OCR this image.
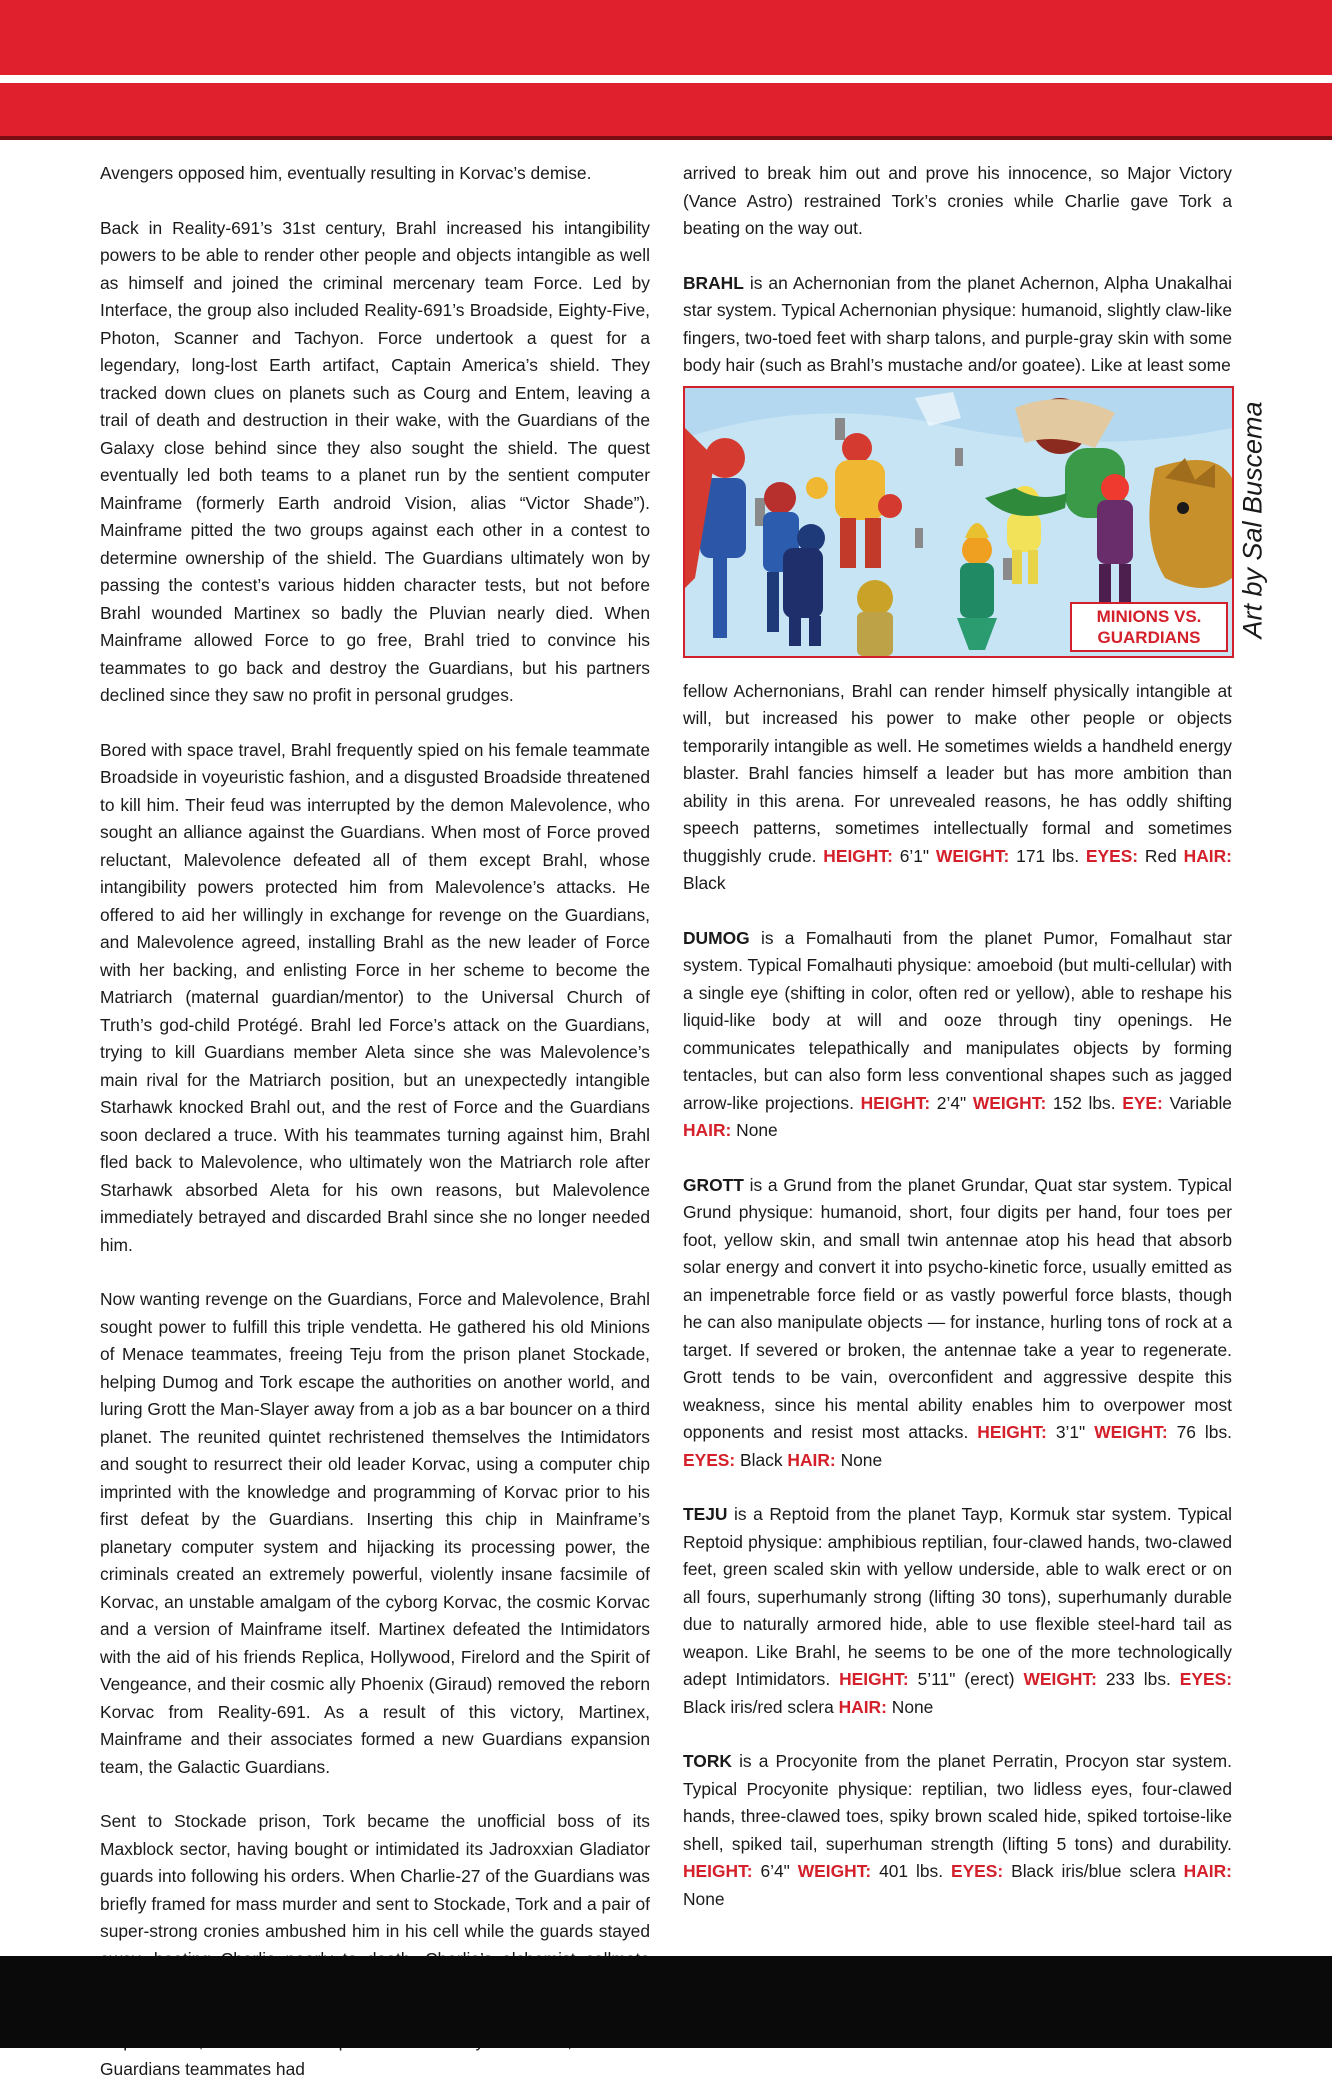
Avengers opposed him, eventually resulting in Korvac’s demise.

Back in Reality-691’s 31st century, Brahl increased his intangibility powers to be able to render other people and objects intangible as well as himself and joined the criminal mercenary team Force. Led by Interface, the group also included Reality-691’s Broadside, Eighty-Five, Photon, Scanner and Tachyon. Force undertook a quest for a legendary, long-lost Earth artifact, Captain America’s shield. They tracked down clues on planets such as Courg and Entem, leaving a trail of death and destruction in their wake, with the Guardians of the Galaxy close behind since they also sought the shield. The quest eventually led both teams to a planet run by the sentient computer Mainframe (formerly Earth android Vision, alias “Victor Shade”). Mainframe pitted the two groups against each other in a contest to determine ownership of the shield. The Guardians ultimately won by passing the contest’s various hidden character tests, but not before Brahl wounded Martinex so badly the Pluvian nearly died. When Mainframe allowed Force to go free, Brahl tried to convince his teammates to go back and destroy the Guardians, but his partners declined since they saw no profit in personal grudges.

Bored with space travel, Brahl frequently spied on his female teammate Broadside in voyeuristic fashion, and a disgusted Broadside threatened to kill him. Their feud was interrupted by the demon Malevolence, who sought an alliance against the Guardians. When most of Force proved reluctant, Malevolence defeated all of them except Brahl, whose intangibility powers protected him from Malevolence’s attacks. He offered to aid her willingly in exchange for revenge on the Guardians, and Malevolence agreed, installing Brahl as the new leader of Force with her backing, and enlisting Force in her scheme to become the Matriarch (maternal guardian/mentor) to the Universal Church of Truth’s god-child Protégé. Brahl led Force’s attack on the Guardians, trying to kill Guardians member Aleta since she was Malevolence’s main rival for the Matriarch position, but an unexpectedly intangible Starhawk knocked Brahl out, and the rest of Force and the Guardians soon declared a truce. With his teammates turning against him, Brahl fled back to Malevolence, who ultimately won the Matriarch role after Starhawk absorbed Aleta for his own reasons, but Malevolence immediately betrayed and discarded Brahl since she no longer needed him.

Now wanting revenge on the Guardians, Force and Malevolence, Brahl sought power to fulfill this triple vendetta. He gathered his old Minions of Menace teammates, freeing Teju from the prison planet Stockade, helping Dumog and Tork escape the authorities on another world, and luring Grott the Man-Slayer away from a job as a bar bouncer on a third planet. The reunited quintet rechristened themselves the Intimidators and sought to resurrect their old leader Korvac, using a computer chip imprinted with the knowledge and programming of Korvac prior to his first defeat by the Guardians. Inserting this chip in Mainframe’s planetary computer system and hijacking its processing power, the criminals created an extremely powerful, violently insane facsimile of Korvac, an unstable amalgam of the cyborg Korvac, the cosmic Korvac and a version of Mainframe itself. Martinex defeated the Intimidators with the aid of his friends Replica, Hollywood, Firelord and the Spirit of Vengeance, and their cosmic ally Phoenix (Giraud) removed the reborn Korvac from Reality-691. As a result of this victory, Martinex, Mainframe and their associates formed a new Guardians expansion team, the Galactic Guardians.

Sent to Stockade prison, Tork became the unofficial boss of its Maxblock sector, having bought or intimidated its Jadroxxian Gladiator guards into following his orders. When Charlie-27 of the Guardians was briefly framed for mass murder and sent to Stockade, Tork and a pair of super-strong cronies ambushed him in his cell while the guards stayed Guardians teammates had

arrived to break him out and prove his innocence, so Major Victory (Vance Astro) restrained Tork’s cronies while Charlie gave Tork a beating on the way out.

BRAHL is an Achernonian from the planet Achernon, Alpha Unakalhai star system. Typical Achernonian physique: humanoid, slightly claw-like fingers, two-toed feet with sharp talons, and purple-gray skin with some body hair (such as Brahl’s mustache and/or goatee). Like at least some

MINIONS VS. GUARDIANS	Art by Sal Buscema

fellow Achernonians, Brahl can render himself physically intangible at will, but increased his power to make other people or objects temporarily intangible as well. He sometimes wields a handheld energy blaster. Brahl fancies himself a leader but has more ambition than ability in this arena. For unrevealed reasons, he has oddly shifting speech patterns, sometimes intellectually formal and sometimes thuggishly crude. HEIGHT: 6’1" WEIGHT: 171 lbs. EYES: Red HAIR: Black

DUMOG is a Fomalhauti from the planet Pumor, Fomalhaut star system. Typical Fomalhauti physique: amoeboid (but multi-cellular) with a single eye (shifting in color, often red or yellow), able to reshape his liquid-like body at will and ooze through tiny openings. He communicates telepathically and manipulates objects by forming tentacles, but can also form less conventional shapes such as jagged arrow-like projections. HEIGHT: 2’4" WEIGHT: 152 lbs. EYE: Variable HAIR: None

GROTT is a Grund from the planet Grundar, Quat star system. Typical Grund physique: humanoid, short, four digits per hand, four toes per foot, yellow skin, and small twin antennae atop his head that absorb solar energy and convert it into psycho-kinetic force, usually emitted as an impenetrable force field or as vastly powerful force blasts, though he can also manipulate objects — for instance, hurling tons of rock at a target. If severed or broken, the antennae take a year to regenerate. Grott tends to be vain, overconfident and aggressive despite this weakness, since his mental ability enables him to overpower most opponents and resist most attacks. HEIGHT: 3’1" WEIGHT: 76 lbs. EYES: Black HAIR: None

TEJU is a Reptoid from the planet Tayp, Kormuk star system. Typical Reptoid physique: amphibious reptilian, four-clawed hands, two-clawed feet, green scaled skin with yellow underside, able to walk erect or on all fours, superhumanly strong (lifting 30 tons), superhumanly durable due to naturally armored hide, able to use flexible steel-hard tail as weapon. Like Brahl, he seems to be one of the more technologically adept Intimidators. HEIGHT: 5’11" (erect) WEIGHT: 233 lbs. EYES: Black iris/red sclera HAIR: None

TORK is a Procyonite from the planet Perratin, Procyon star system. Typical Procyonite physique: reptilian, two lidless eyes, four-clawed hands, three-clawed toes, spiky brown scaled hide, spiked tortoise-like shell, spiked tail, superhuman strength (lifting 5 tons) and durability. HEIGHT: 6’4" WEIGHT: 401 lbs. EYES: Black iris/blue sclera HAIR: None
